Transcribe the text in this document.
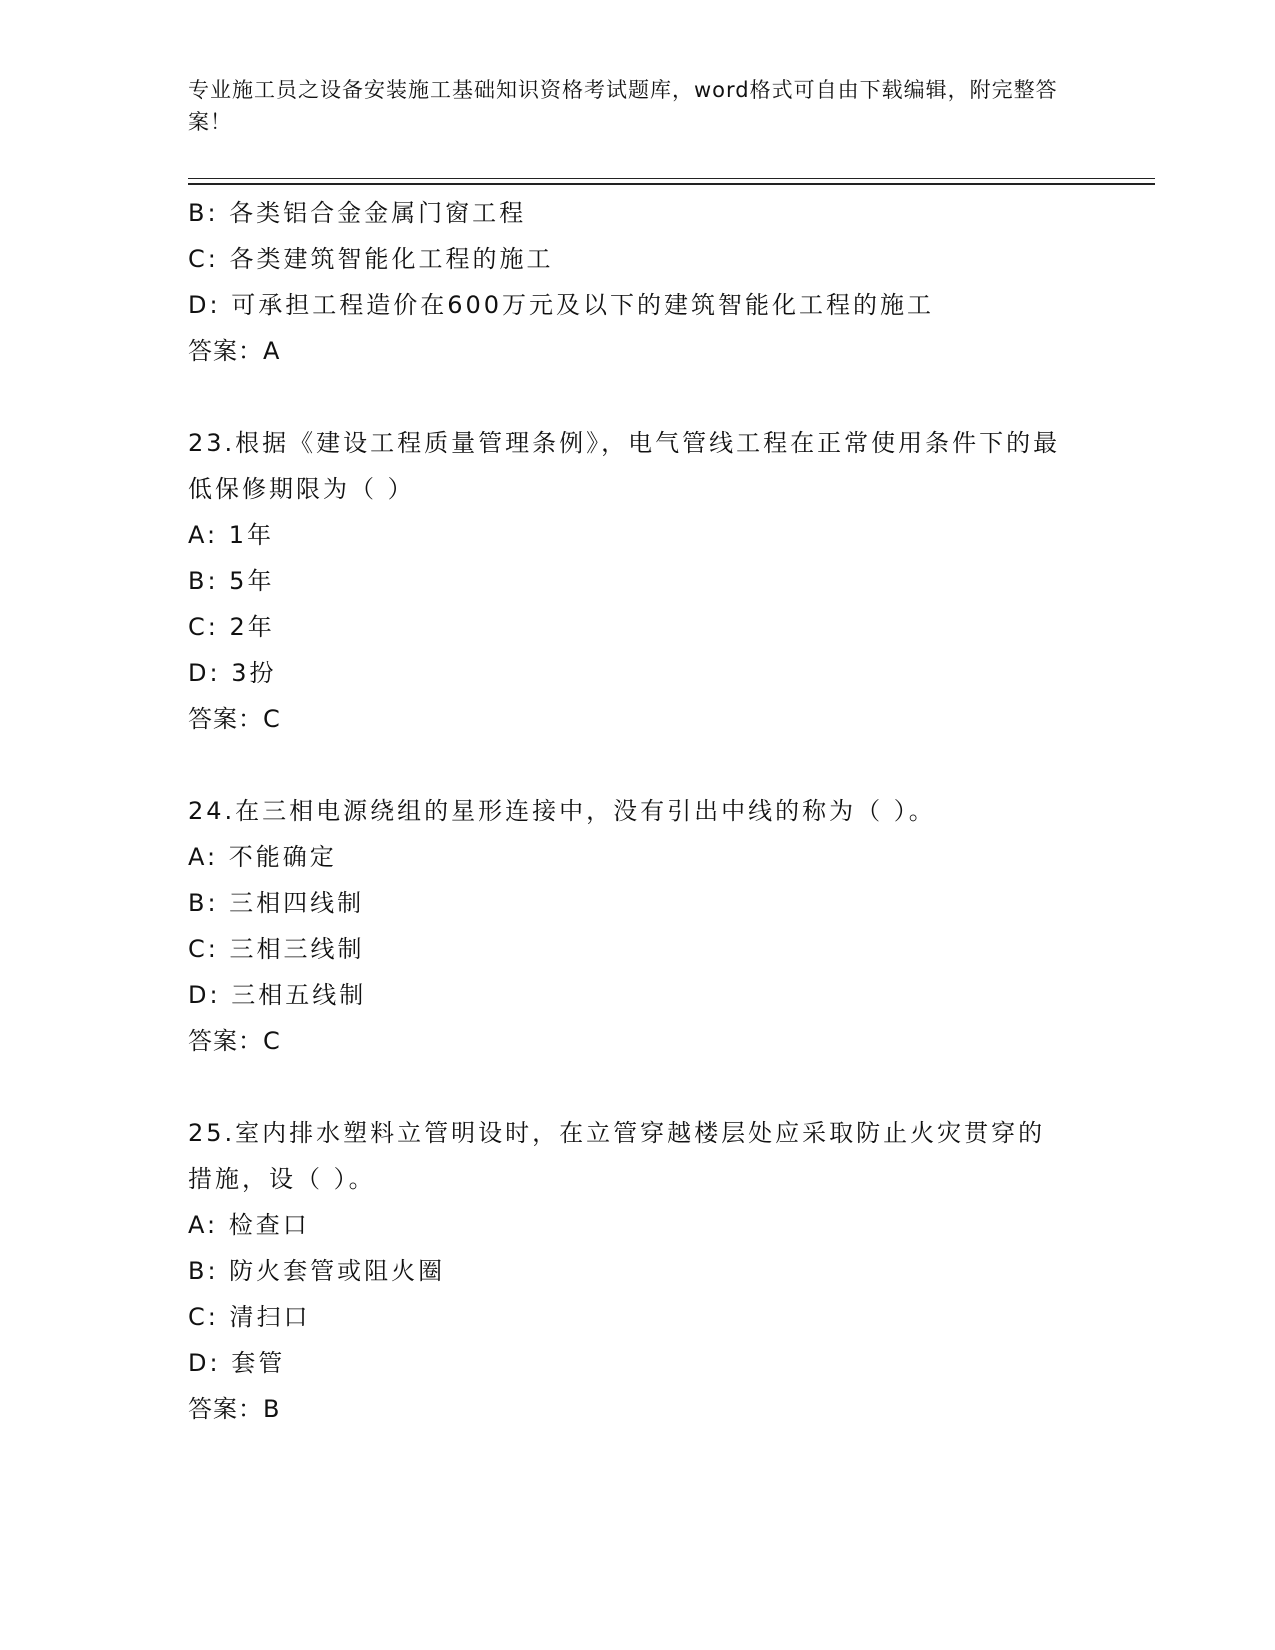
专业施工员之设备安装施工基础知识资格考试题库，word格式可自由下载编辑，附完整答案！
B: 各类铝合金金属门窗工程
C: 各类建筑智能化工程的施工
D: 可承担工程造价在600万元及以下的建筑智能化工程的施工
答案：A
23.根据《建设工程质量管理条例》，电气管线工程在正常使用条件下的最低保修期限为（ ）
A: 1年
B: 5年
C: 2年
D: 3扮
答案：C
24.在三相电源绕组的星形连接中，没有引出中线的称为（ ）。
A: 不能确定
B: 三相四线制
C: 三相三线制
D: 三相五线制
答案：C
25.室内排水塑料立管明设时，在立管穿越楼层处应采取防止火灾贯穿的措施，设（ ）。
A: 检查口
B: 防火套管或阻火圈
C: 清扫口
D: 套管
答案：B
